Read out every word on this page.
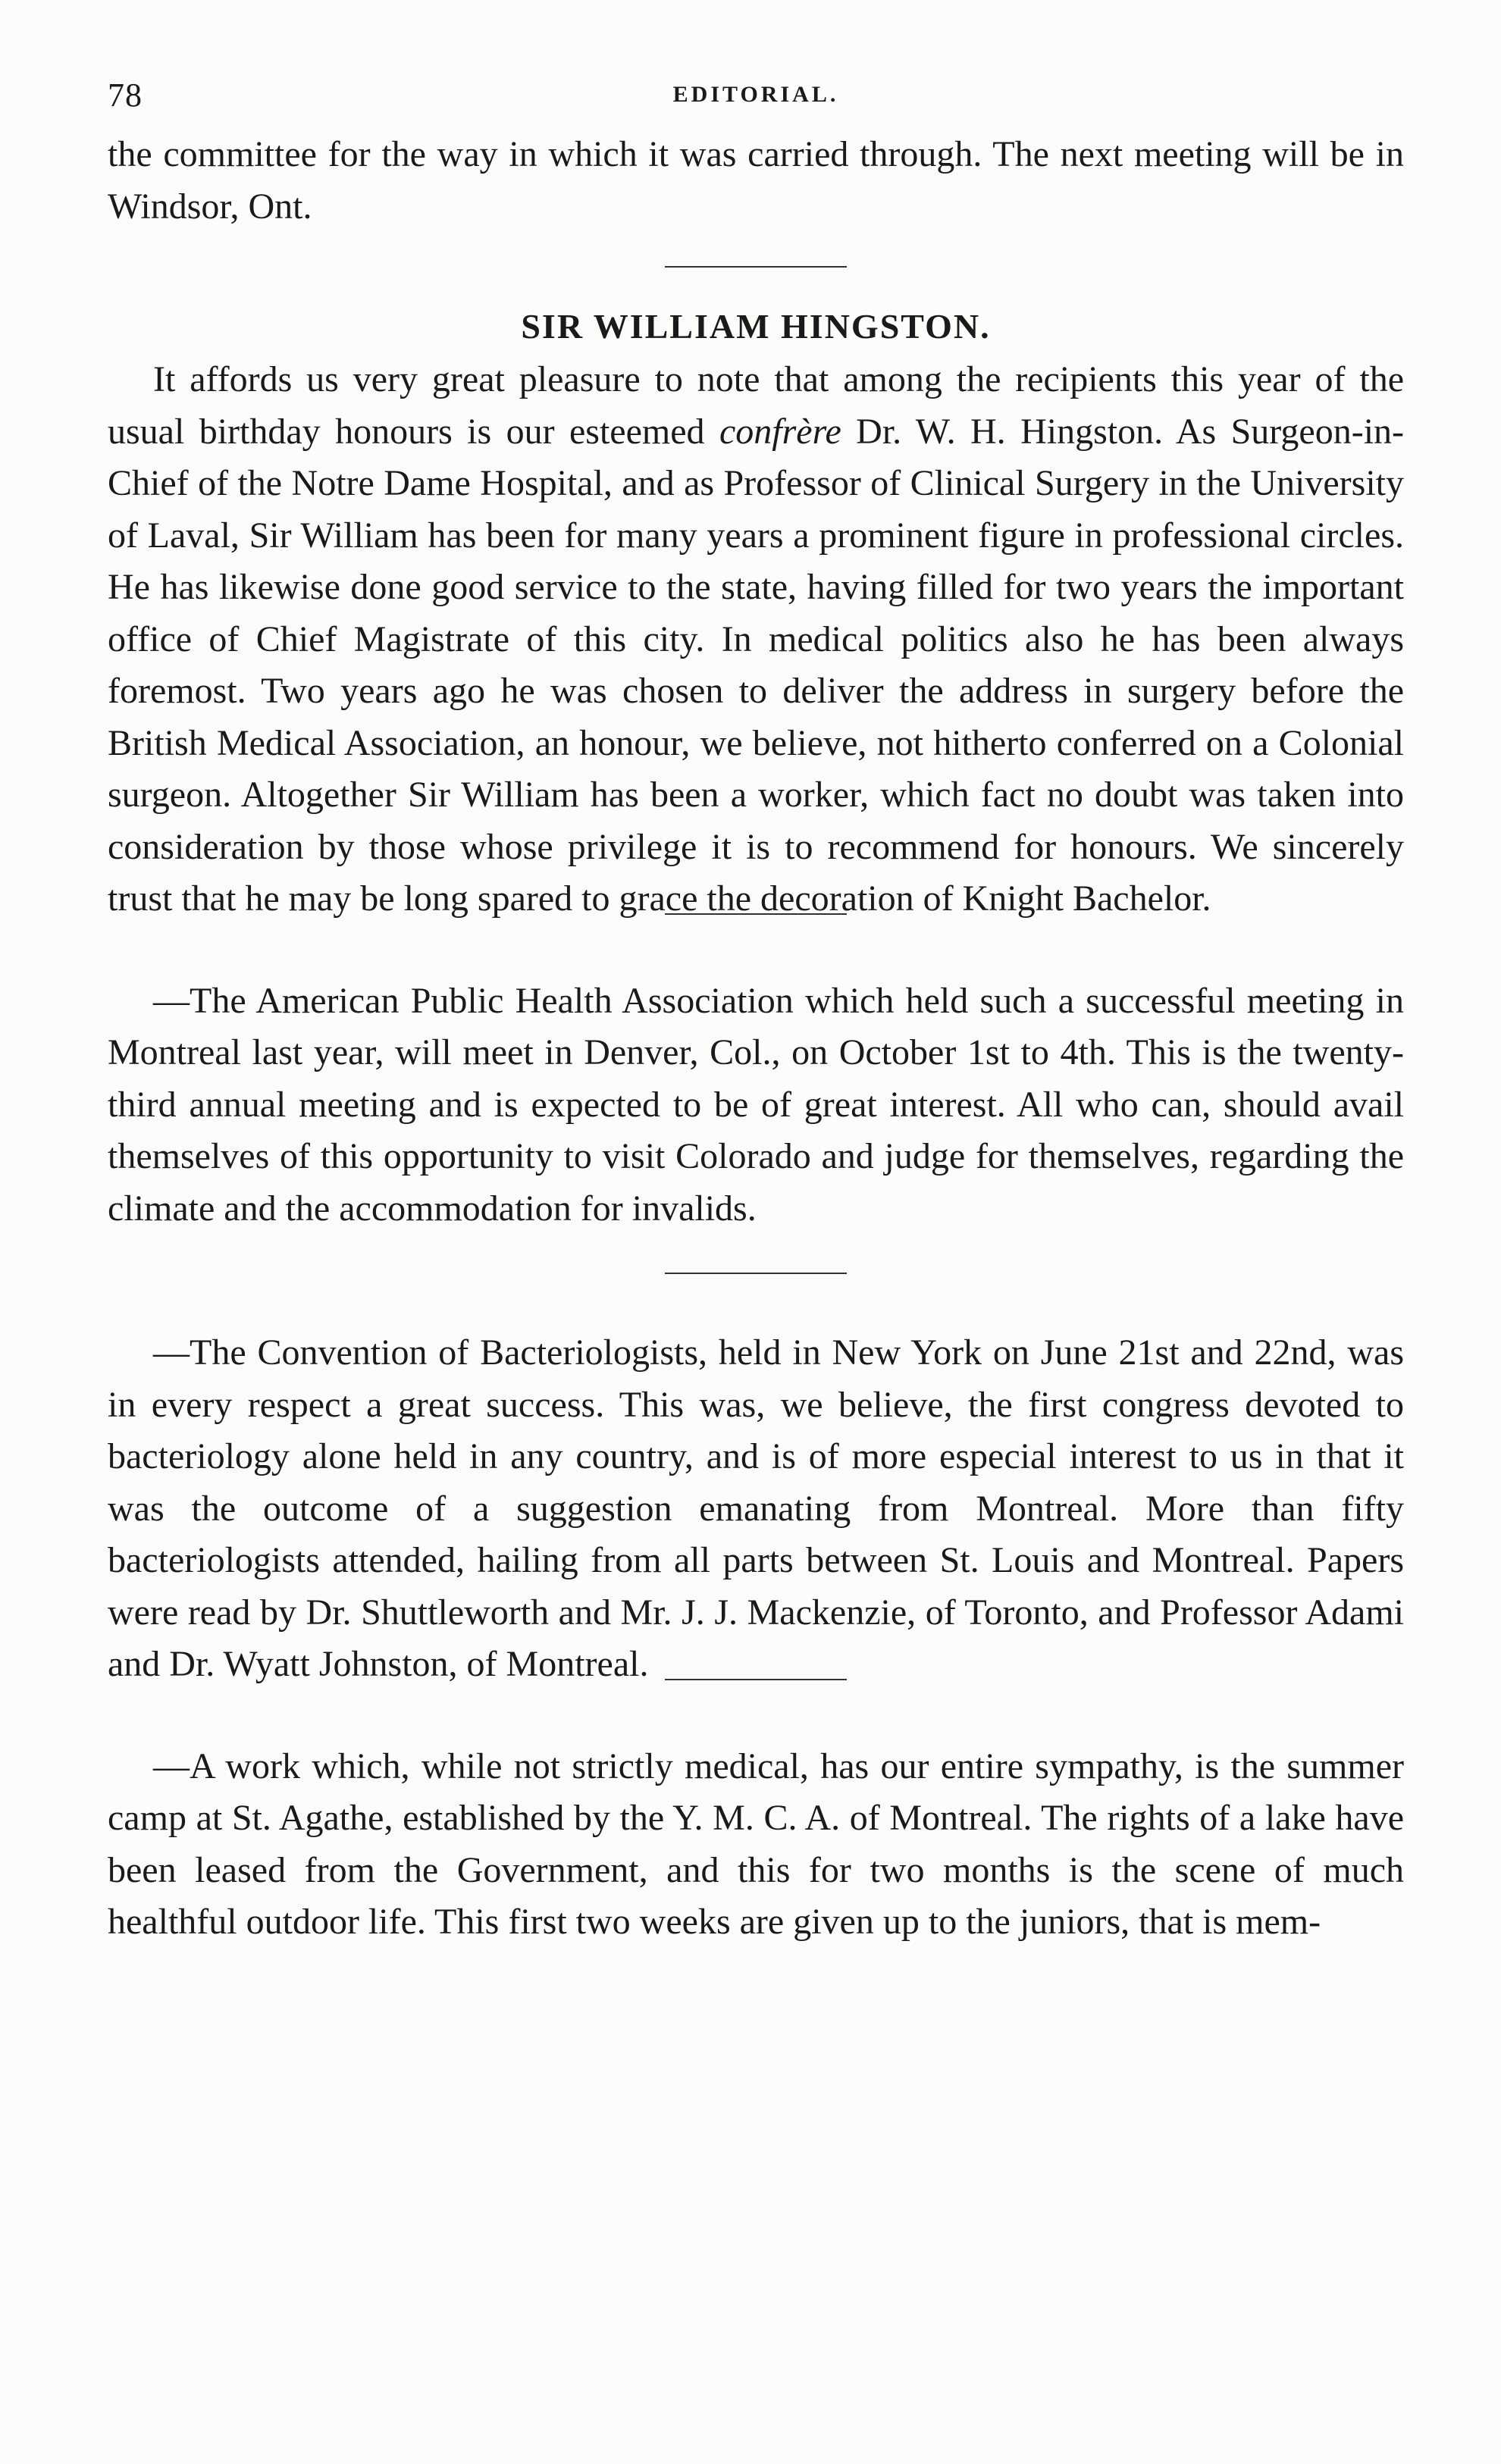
78	EDITORIAL.

the committee for the way in which it was carried through. The next meeting will be in Windsor, Ont.

SIR WILLIAM HINGSTON.

It affords us very great pleasure to note that among the recipients this year of the usual birthday honours is our esteemed confrère Dr. W. H. Hingston. As Surgeon-in-Chief of the Notre Dame Hospital, and as Professor of Clinical Surgery in the University of Laval, Sir William has been for many years a prominent figure in professional circles. He has likewise done good service to the state, having filled for two years the important office of Chief Magistrate of this city. In medical politics also he has been always foremost. Two years ago he was chosen to deliver the address in surgery before the British Medical Association, an honour, we believe, not hitherto conferred on a Colonial surgeon. Altogether Sir William has been a worker, which fact no doubt was taken into consideration by those whose privilege it is to recommend for honours. We sincerely trust that he may be long spared to grace the decoration of Knight Bachelor.

—The American Public Health Association which held such a successful meeting in Montreal last year, will meet in Denver, Col., on October 1st to 4th. This is the twenty-third annual meeting and is expected to be of great interest. All who can, should avail themselves of this opportunity to visit Colorado and judge for themselves, regarding the climate and the accommodation for invalids.

—The Convention of Bacteriologists, held in New York on June 21st and 22nd, was in every respect a great success. This was, we believe, the first congress devoted to bacteriology alone held in any country, and is of more especial interest to us in that it was the outcome of a suggestion emanating from Montreal. More than fifty bacteriologists attended, hailing from all parts between St. Louis and Montreal. Papers were read by Dr. Shuttleworth and Mr. J. J. Mackenzie, of Toronto, and Professor Adami and Dr. Wyatt Johnston, of Montreal.

—A work which, while not strictly medical, has our entire sympathy, is the summer camp at St. Agathe, established by the Y. M. C. A. of Montreal. The rights of a lake have been leased from the Government, and this for two months is the scene of much healthful outdoor life. This first two weeks are given up to the juniors, that is mem-
